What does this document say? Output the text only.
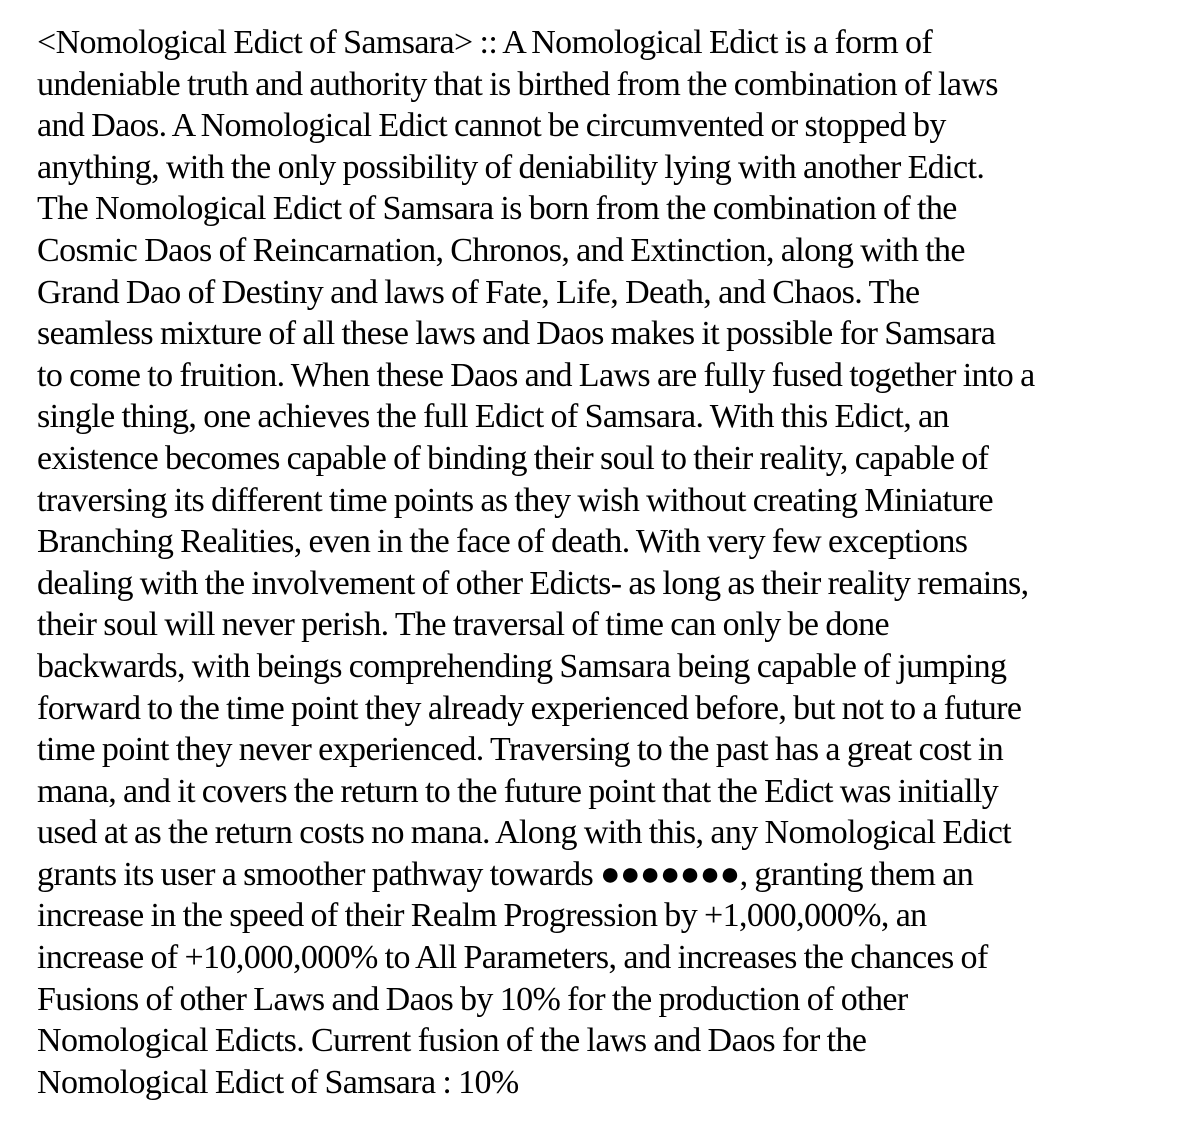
<Nomological Edict of Samsara> :: A Nomological Edict is a form of
undeniable truth and authority that is birthed from the combination of laws
and Daos. A Nomological Edict cannot be circumvented or stopped by
anything, with the only possibility of deniability lying with another Edict.
The Nomological Edict of Samsara is born from the combination of the
Cosmic Daos of Reincarnation, Chronos, and Extinction, along with the
Grand Dao of Destiny and laws of Fate, Life, Death, and Chaos. The
seamless mixture of all these laws and Daos makes it possible for Samsara
to come to fruition. When these Daos and Laws are fully fused together into a
single thing, one achieves the full Edict of Samsara. With this Edict, an
existence becomes capable of binding their soul to their reality, capable of
traversing its different time points as they wish without creating Miniature
Branching Realities, even in the face of death. With very few exceptions
dealing with the involvement of other Edicts- as long as their reality remains,
their soul will never perish. The traversal of time can only be done
backwards, with beings comprehending Samsara being capable of jumping
forward to the time point they already experienced before, but not to a future
time point they never experienced. Traversing to the past has a great cost in
mana, and it covers the return to the future point that the Edict was initially
used at as the return costs no mana. Along with this, any Nomological Edict
grants its user a smoother pathway towards ●●●●●●●, granting them an
increase in the speed of their Realm Progression by +1,000,000%, an
increase of +10,000,000% to All Parameters, and increases the chances of
Fusions of other Laws and Daos by 10% for the production of other
Nomological Edicts. Current fusion of the laws and Daos for the
Nomological Edict of Samsara : 10%
